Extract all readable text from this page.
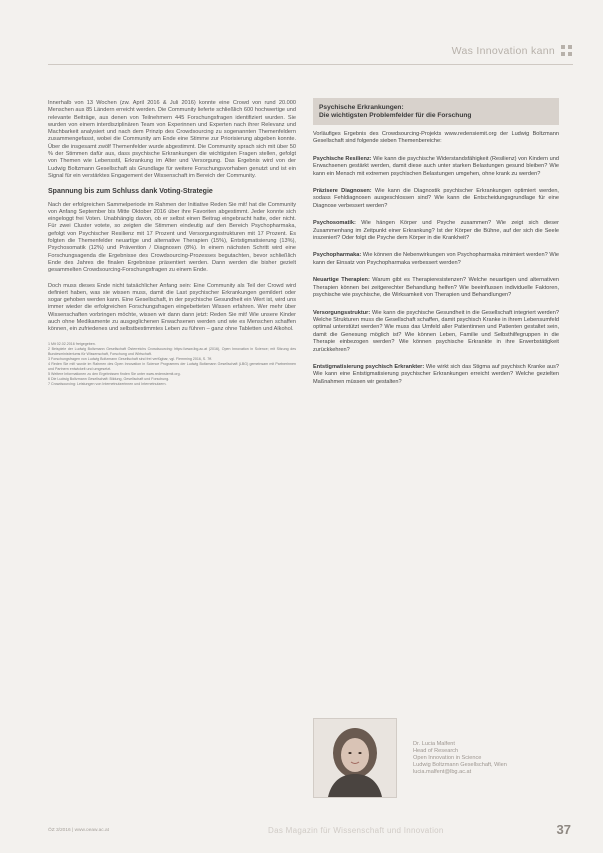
Was Innovation kann

Innerhalb von 13 Wochen (zw. April 2016 & Juli 2016) konnte eine Crowd von rund 20.000 Menschen aus 85 Ländern erreicht werden. Die Community lieferte schließlich 600 hochwertige und relevante Beiträge, aus denen von Teilnehmern 445 Forschungsfragen identifiziert wurden. Sie wurden von einem interdisziplinären Team von Experinnen und Experten nach ihrer Relevanz und Machbarkeit analysiert und nach dem Prinzip des Crowdsourcing zu sogenannten Themenfeldern zusammengefasst, wobei die Community am Ende eine Stimme zur Priorisierung abgeben konnte. Über die insgesamt zwölf Themenfelder wurde abgestimmt. Die Community sprach sich mit über 50 % der Stimmen dafür aus, dass psychische Erkrankungen die wichtigsten Fragen stellen, gefolgt von Themen wie Lebensstil, Erkrankung im Alter und Versorgung. Das Ergebnis wird von der Ludwig Boltzmann Gesellschaft als Grundlage für weitere Forschungsvorhaben genutzt und ist ein Signal für ein verstärktes Engagement der Wissenschaft im Bereich der Community.

Spannung bis zum Schluss dank Voting-Strategie

Nach der erfolgreichen Sammelperiode im Rahmen der Initiative Reden Sie mit! hat die Community von Anfang September bis Mitte Oktober 2016 über ihre Favoriten abgestimmt. Jeder konnte sich eingeloggt frei Voten. Unabhängig davon, ob er selbst einen Beitrag eingebracht hatte, oder nicht. Für zwei Cluster votete, so zeigten die Stimmen eindeutig auf den Bereich Psychopharmaka, gefolgt von Psychischer Resilienz mit 17 Prozent und Versorgungsstrukturen mit 17 Prozent. Es folgten die Themenfelder neuartige und alternative Therapien (15%), Entstigmatisierung (13%), Psychosomatik (12%) und Prävention / Diagnosen (8%). In einem nächsten Schritt wird eine Forschungsagenda die Ergebnisse des Crowdsourcing-Prozesses begutachten, bevor schließlich Ende des Jahres die finalen Ergebnisse präsentiert werden. Dann werden die bisher gezielt gesammelten Crowdsourcing-Forschungsfragen zu einem Ende.

Doch muss dieses Ende nicht tatsächlicher Anfang sein: Eine Community als Teil der Crowd wird definiert haben, was sie wissen muss, damit die Last psychischer Erkrankungen gemildert oder sogar gehoben werden kann. Eine Gesellschaft, in der psychische Gesundheit ein Wert ist, wird uns immer wieder die erfolgreichen Forschungsfragen eingebetteten Wissen erfahren. Wer mehr über Wissenschaften vorbringen möchte, wissen wir dann dann jetzt: Reden Sie mit! Wie unsere Kinder auch ohne Medikamente zu ausgeglichenen Erwachsenen werden und wie es Menschen schaffen können, ein zufriedenes und selbstbestimmtes Leben zu führen – ganz ohne Tabletten und Alkohol.

1 Mit 02.02.2016 freigegeben.
2 Beispiele der Ludwig Boltzmann Gesellschaft Österreichs Crowdsourcing: https://www.lbg.ac.at (2016), Open Innovation in Science; mit Sitzung des Bundesministeriums für Wissenschaft, Forschung und Wirtschaft.
3 Forschungsfragen von Ludwig Boltzmann Gesellschaft sind frei verfügbar, vgl. Flemming 2016, S. 7ff.
4 Reden Sie mit! wurde im Rahmen des Open Innovation in Science Programms der Ludwig Boltzmann Gesellschaft (LBG) gemeinsam mit Partnerinnen und Partnern entwickelt und umgesetzt.
5 Weitere Informationen zu den Ergebnissen finden Sie unter www.redensiemit.org.
6 Die Ludwig Boltzmann Gesellschaft: Bildung, Gesellschaft und Forschung.
7 Crowdsourcing: Leistungen von Internetnutzerinnen und Internetnutzern.
Psychische Erkrankungen:
Die wichtigsten Problemfelder für die Forschung
Vorläufiges Ergebnis des Crowdsourcing-Projekts www.redensiemit.org der Ludwig Boltzmann Gesellschaft sind folgende sieben Themenbereiche:
Psychische Resilienz: Wie kann die psychische Widerstandsfähigkeit (Resilienz) von Kindern und Erwachsenen gestärkt werden, damit diese auch unter starken Belastungen gesund bleiben? Wie kann ein Mensch mit extremen psychischen Belastungen umgehen, ohne krank zu werden?
Präzisere Diagnosen: Wie kann die Diagnostik psychischer Erkrankungen optimiert werden, sodass Fehldiagnosen ausgeschlossen sind? Wie kann die Entscheidungsgrundlage für eine Diagnose verbessert werden?
Psychosomatik: Wie hängen Körper und Psyche zusammen? Wie zeigt sich dieser Zusammenhang im Zeitpunkt einer Erkrankung? Ist der Körper die Bühne, auf der sich die Seele inszeniert? Oder folgt die Psyche dem Körper in die Krankheit?
Psychopharmaka: Wie können die Nebenwirkungen von Psychopharmaka minimiert werden? Wie kann der Einsatz von Psychopharmaka verbessert werden?
Neuartige Therapien: Warum gibt es Therapieresistenzen? Welche neuartigen und alternativen Therapien können bei zeitgerechter Behandlung helfen? Wie beeinflussen individuelle Faktoren, psychische wie psychische, die Wirksamkeit von Therapien und Behandlungen?
Versorgungsstruktur: Wie kann die psychische Gesundheit in die Gesellschaft integriert werden? Welche Strukturen muss die Gesellschaft schaffen, damit psychisch Kranke in ihrem Lebensumfeld optimal unterstützt werden? Wie muss das Umfeld aller Patientinnen und Patienten gestaltet sein, damit die Genesung möglich ist? Wie können Leben, Familie und Selbsthilfegruppen in die Therapie einbezogen werden? Wie können psychische Erkrankte in ihre Erwerbstätigkeit zurückkehren?
Entstigmatisierung psychisch Erkrankter: Wie wirkt sich das Stigma auf psychisch Kranke aus? Wie kann eine Entstigmatisierung psychischer Erkrankungen erreicht werden? Welche gezielten Maßnahmen müssen wir gestalten?
Dr. Lucia Malfent
Head of Research
Open Innovation in Science
Ludwig Boltzmann Gesellschaft, Wien
lucia.malfent@lbg.ac.at
ÖZ 3/2016 | www.oeaw.ac.at	Das Magazin für Wissenschaft und Innovation	37
